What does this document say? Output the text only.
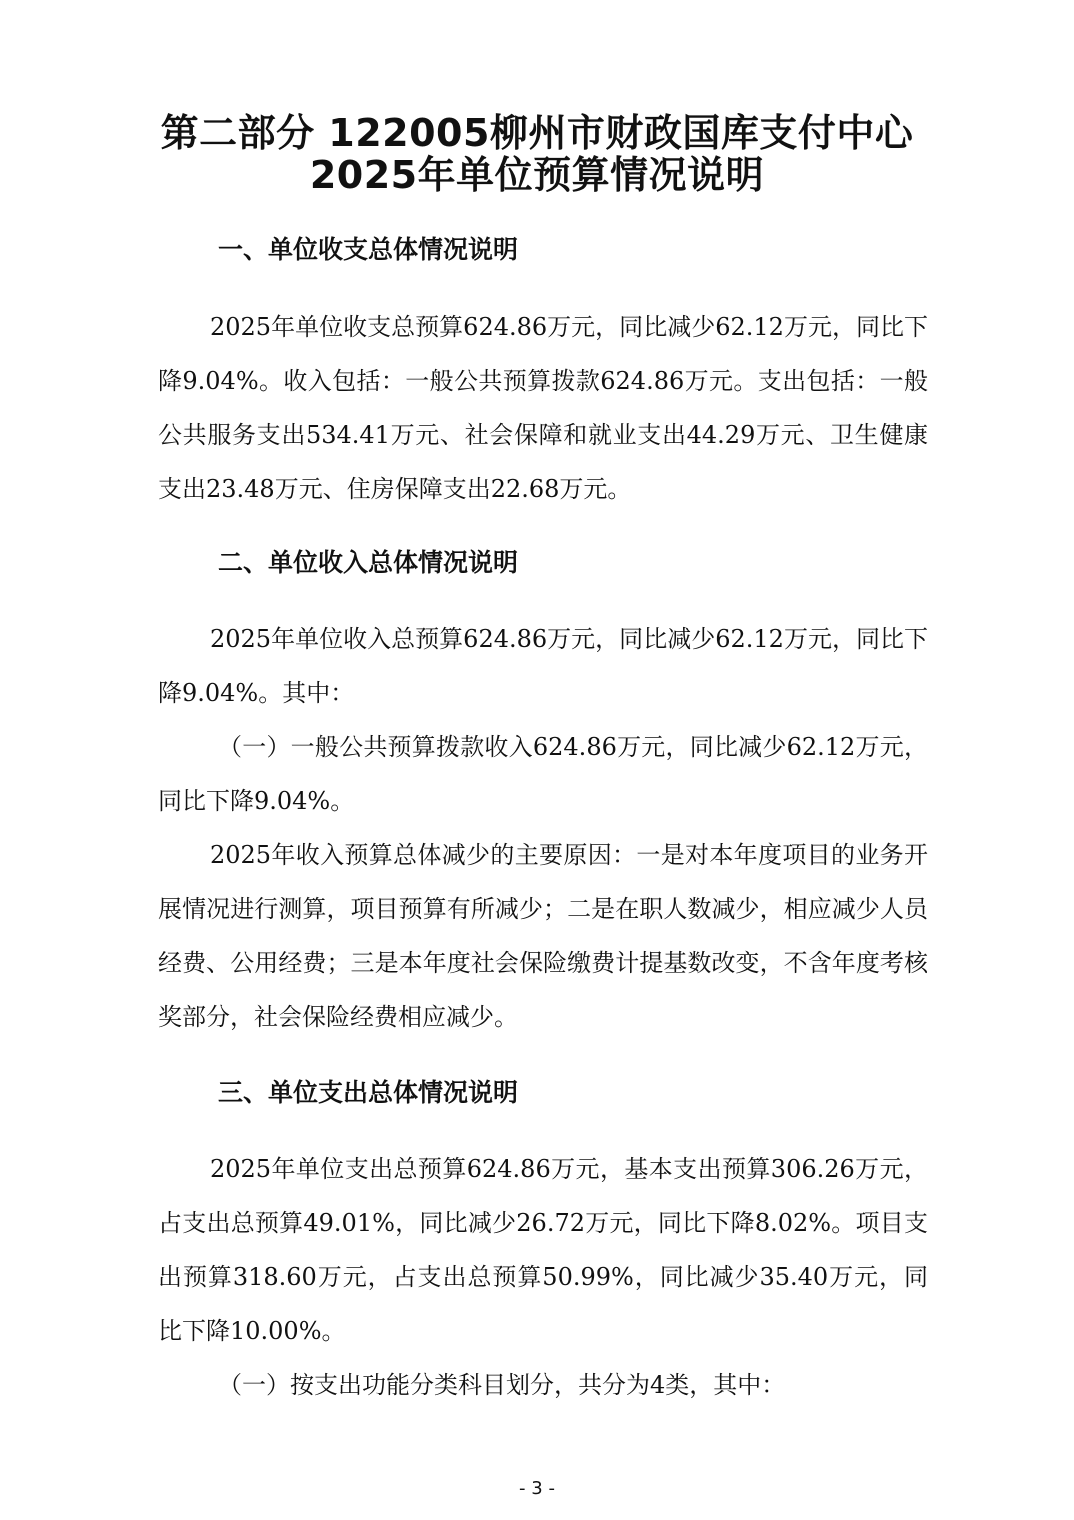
第二部分 122005柳州市财政国库支付中心
2025年单位预算情况说明
一、单位收支总体情况说明

2025年单位收支总预算624.86万元，同比减少62.12万元，同比下降9.04%。收入包括：一般公共预算拨款624.86万元。支出包括：一般公共服务支出534.41万元、社会保障和就业支出44.29万元、卫生健康支出23.48万元、住房保障支出22.68万元。

二、单位收入总体情况说明

2025年单位收入总预算624.86万元，同比减少62.12万元，同比下降9.04%。其中：

（一）一般公共预算拨款收入624.86万元，同比减少62.12万元，同比下降9.04%。

2025年收入预算总体减少的主要原因：一是对本年度项目的业务开展情况进行测算，项目预算有所减少；二是在职人数减少，相应减少人员经费、公用经费；三是本年度社会保险缴费计提基数改变，不含年度考核奖部分，社会保险经费相应减少。

三、单位支出总体情况说明

2025年单位支出总预算624.86万元，基本支出预算306.26万元，占支出总预算49.01%，同比减少26.72万元，同比下降8.02%。项目支出预算318.60万元，占支出总预算50.99%，同比减少35.40万元，同比下降10.00%。

（一）按支出功能分类科目划分，共分为4类，其中：

- 3 -
